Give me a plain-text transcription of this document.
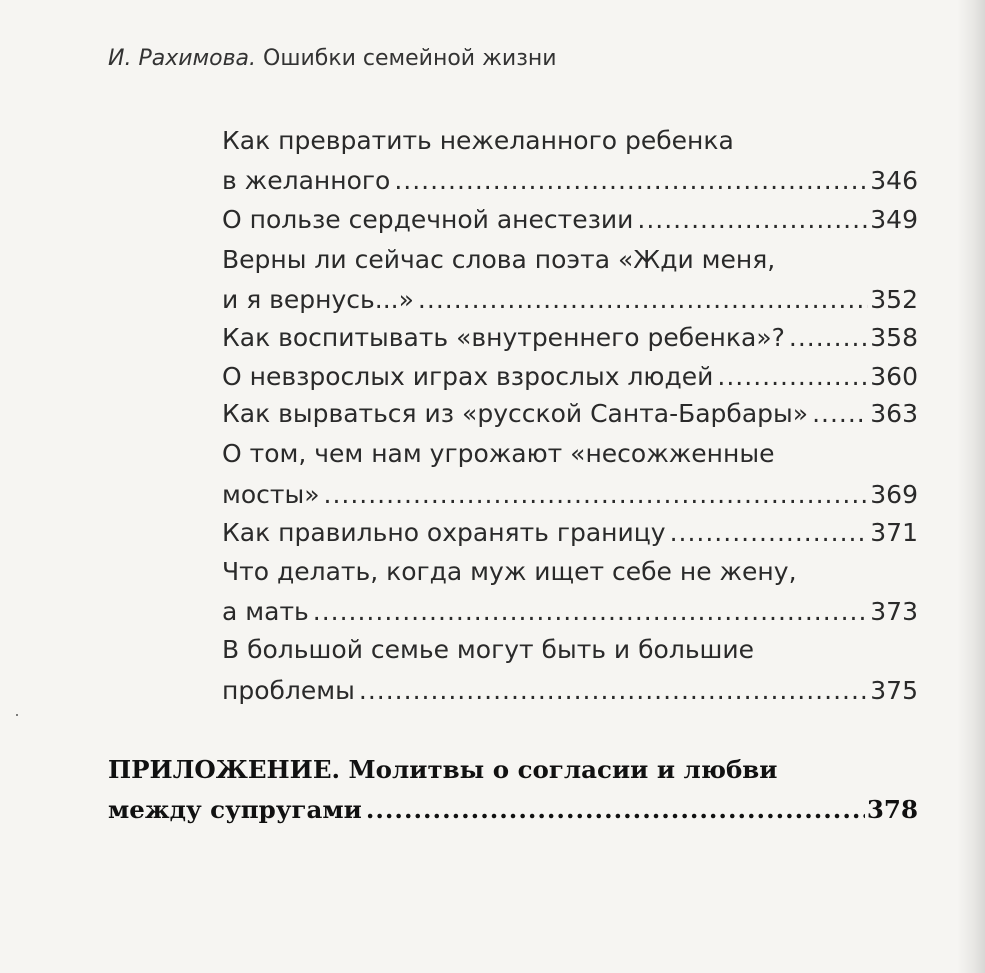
И. Рахимова. Ошибки семейной жизни
Как превратить нежеланного ребенка
в желанного .....	346
О пользе сердечной анестезии .....	349
Верны ли сейчас слова поэта «Жди меня,
и я вернусь...» .....	352
Как воспитывать «внутреннего ребенка»? .....	358
О невзрослых играх взрослых людей .....	360
Как вырваться из «русской Санта-Барбары» ..... 363
О том, чем нам угрожают «несожженные
мосты» .....	369
Как правильно охранять границу .....	371
Что делать, когда муж ищет себе не жену,
а мать .....	373
В большой семье могут быть и большие
проблемы .....	375
ПРИЛОЖЕНИЕ. Молитвы о согласии и любви
между супругами .....	378
